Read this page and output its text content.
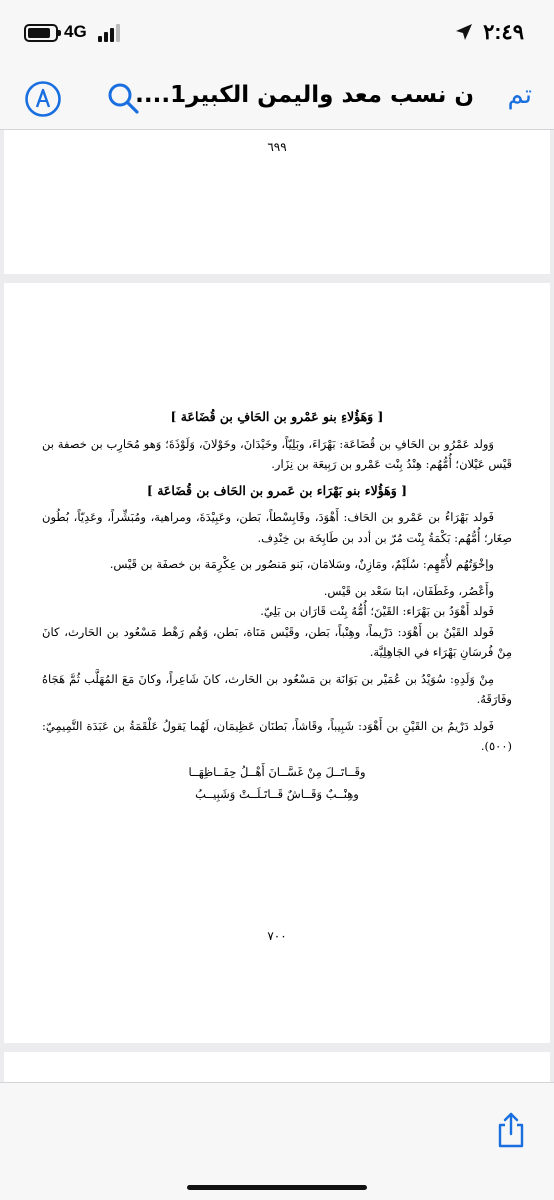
4G	٢:٤٩
تم
ن نسب معد واليمن الكبير1....
٦٩٩
[ وَهَؤُلاءِ بنو عَمْرو بن الحَافِ بن قُضَاعَة ]
وَولد عَمْرُو بن الحَافِ بن قُضَاعَة: بَهْرَاءَ، وبَلِيّاً، وخَيْدَانَ، وخَوْلانَ، وَلَوْذَةَ؛ وَهو مُحَارِب بن خصفة بن قَيْس عَيْلان؛ أُمُّهُم: هِنْدُ بِنْت عَمْرو بن رَبِيعَة بن نِزَار.
[ وَهَؤُلاء بنو بَهْرَاء بن عَمرو بن الحَاف بن قُضَاعَة ]
فَولد بَهْرَاءُ بن عَمْرو بن الحَاف: أَهْوَدَ، وقَابِسْطاً، بَطن، وعَبِيْدَةَ، ومراهية، ومُبَشِّراً، وعَدِيّاً، بُطُون صِغَار؛ أُمُّهُم: بَكْمَةُ بِنْت مُرّ بن أدد بن طَابِخَة بن خِنْدِف.
وإخْوَتُهُم لأُمِّهِم: سُلَيْمٌ، ومَازِنٌ، وسَلامَان، بَنو مَنصُور بن عِكْرِمَة بن خصفَة بن قَيْس.
وأَعْصُر، وغَطَفَان، ابنَا سَعْد بن قَيْس.
فَولد أَهْوَدُ بن بَهْرَاء: القَيْنَ؛ أُمُّهُ بِنْت قَارَان بن بَلِيّ.
فَولد القَيْنُ بن أَهْوَد: دَرْيماً، وهِنْباً، بَطن، وقَيْس مَنَاة، بَطن، وَهُم رَهْط مَسْعُود بن الحَارث، كانَ مِنْ فُرسَانِ بَهْرَاء في الجَاهِلِيَّة.
مِنْ وَلَدِهِ: سُوَيْدُ بن عُمَيْر بن بَوَانَة بن مَسْعُود بن الحَارث، كانَ شَاعِراً، وكانَ مَعَ المُهَلَّب ثُمَّ هَجَاهُ وفَارَقَهُ.
فَولد دَرْيمُ بن القَيْنِ بن أَهْوَد: شَبِيباً، وقَاشاً، بَطنَان عَظِيمَان، لَهُما يَقولُ عَلْقَمَةُ بن عَبَدَة التَّمِيمِيّ: (٥٠٠).
وقَــاتَــلَ مِنْ غَسَّــانَ أَهْــلُ حِفَــاظِهَــا
وهِنْــبٌ وَقَــاشٌ قَــاتَـلَــتْ وَشَبِيــبُ
٧٠٠
